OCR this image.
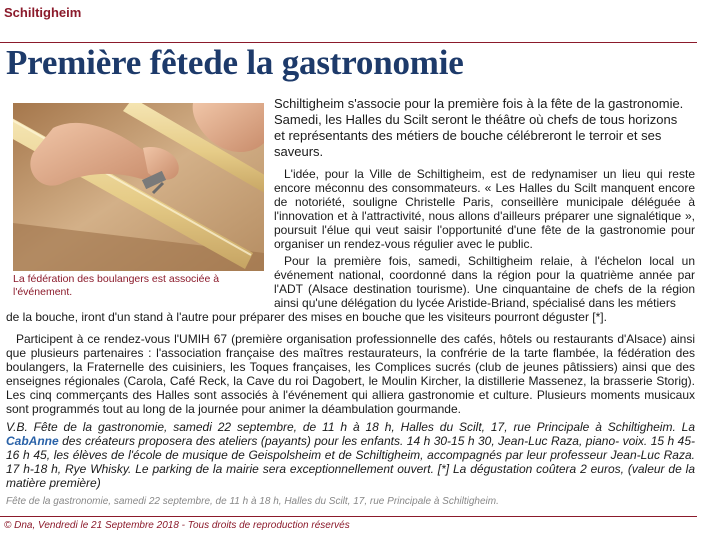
Schiltigheim
Première fêtede la gastronomie
La fédération des boulangers est associée à l'événement.

Schiltigheim s'associe pour la première fois à la fête de la gastronomie. Samedi, les Halles du Scilt seront le théâtre où chefs de tous horizons et représentants des métiers de bouche célébreront le terroir et ses saveurs.

L'idée, pour la Ville de Schiltigheim, est de redynamiser un lieu qui reste encore méconnu des consommateurs. « Les Halles du Scilt manquent encore de notoriété, souligne Christelle Paris, conseillère municipale déléguée à l'innovation et à l'attractivité, nous allons d'ailleurs préparer une signalétique », poursuit l'élue qui veut saisir l'opportunité d'une fête de la gastronomie pour organiser un rendez-vous régulier avec le public.

Pour la première fois, samedi, Schiltigheim relaie, à l'échelon local un événement national, coordonné dans la région pour la quatrième année par l'ADT (Alsace destination tourisme). Une cinquantaine de chefs de la région ainsi qu'une délégation du lycée Aristide-Briand, spécialisé dans les métiers

de la bouche, iront d'un stand à l'autre pour préparer des mises en bouche que les visiteurs pourront déguster [*].

Participent à ce rendez-vous l'UMIH 67 (première organisation professionnelle des cafés, hôtels ou restaurants d'Alsace) ainsi que plusieurs partenaires : l'association française des maîtres restaurateurs, la confrérie de la tarte flambée, la fédération des boulangers, la Fraternelle des cuisiniers, les Toques françaises, les Complices sucrés (club de jeunes pâtissiers) ainsi que des enseignes régionales (Carola, Café Reck, la Cave du roi Dagobert, le Moulin Kircher, la distillerie Massenez, la brasserie Storig). Les cinq commerçants des Halles sont associés à l'événement qui alliera gastronomie et culture. Plusieurs moments musicaux sont programmés tout au long de la journée pour animer la déambulation gourmande.

V.B. Fête de la gastronomie, samedi 22 septembre, de 11 h à 18 h, Halles du Scilt, 17, rue Principale à Schiltigheim. La CabAnne des créateurs proposera des ateliers (payants) pour les enfants. 14 h 30-15 h 30, Jean-Luc Raza, piano- voix. 15 h 45-16 h 45, les élèves de l'école de musique de Geispolsheim et de Schiltigheim, accompagnés par leur professeur Jean-Luc Raza. 17 h-18 h, Rye Whisky. Le parking de la mairie sera exceptionnellement ouvert. [*] La dégustation coûtera 2 euros, (valeur de la matière première)

Fête de la gastronomie, samedi 22 septembre, de 11 h à 18 h, Halles du Scilt, 17, rue Principale à Schiltigheim.
© Dna, Vendredi le 21 Septembre 2018 - Tous droits de reproduction réservés
